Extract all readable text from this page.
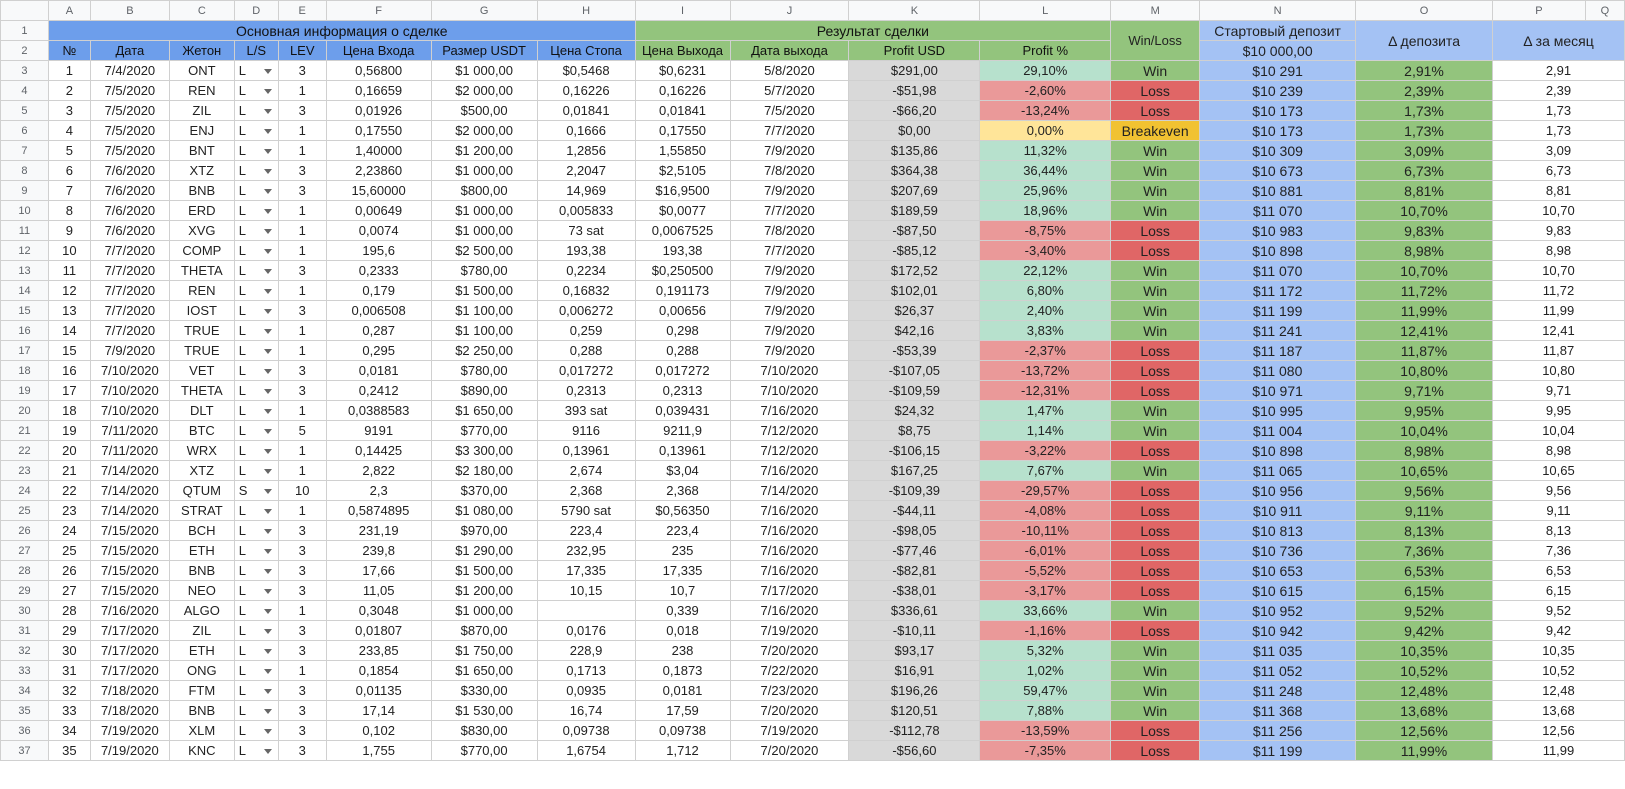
	A	B	C	D	E	F	G	H	I	J	K	L	M	N	O	P	Q
1	Основная информация о сделке								Результат сделки				Win/Loss	Стартовый депозит	Δ депозита	Δ за месяц	
2	№	Дата	Жетон	L/S	LEV	Цена Входа	Размер USDT	Цена Стопа	Цена Выхода	Дата выхода	Profit USD	Profit %		$10 000,00			
3	1	7/4/2020	ONT	L	3	0,56800	$1 000,00	$0,5468	$0,6231	5/8/2020	$291,00	29,10%	Win	$10 291	2,91%	2,91	
4	2	7/5/2020	REN	L	1	0,16659	$2 000,00	0,16226	0,16226	5/7/2020	-$51,98	-2,60%	Loss	$10 239	2,39%	2,39	
5	3	7/5/2020	ZIL	L	3	0,01926	$500,00	0,01841	0,01841	7/5/2020	-$66,20	-13,24%	Loss	$10 173	1,73%	1,73	
6	4	7/5/2020	ENJ	L	1	0,17550	$2 000,00	0,1666	0,17550	7/7/2020	$0,00	0,00%	Breakeven	$10 173	1,73%	1,73	
7	5	7/5/2020	BNT	L	1	1,40000	$1 200,00	1,2856	1,55850	7/9/2020	$135,86	11,32%	Win	$10 309	3,09%	3,09	
8	6	7/6/2020	XTZ	L	3	2,23860	$1 000,00	2,2047	$2,5105	7/8/2020	$364,38	36,44%	Win	$10 673	6,73%	6,73	
9	7	7/6/2020	BNB	L	3	15,60000	$800,00	14,969	$16,9500	7/9/2020	$207,69	25,96%	Win	$10 881	8,81%	8,81	
10	8	7/6/2020	ERD	L	1	0,00649	$1 000,00	0,005833	$0,0077	7/7/2020	$189,59	18,96%	Win	$11 070	10,70%	10,70	
11	9	7/6/2020	XVG	L	1	0,0074	$1 000,00	73 sat	0,0067525	7/8/2020	-$87,50	-8,75%	Loss	$10 983	9,83%	9,83	
12	10	7/7/2020	COMP	L	1	195,6	$2 500,00	193,38	193,38	7/7/2020	-$85,12	-3,40%	Loss	$10 898	8,98%	8,98	
13	11	7/7/2020	THETA	L	3	0,2333	$780,00	0,2234	$0,250500	7/9/2020	$172,52	22,12%	Win	$11 070	10,70%	10,70	
14	12	7/7/2020	REN	L	1	0,179	$1 500,00	0,16832	0,191173	7/9/2020	$102,01	6,80%	Win	$11 172	11,72%	11,72	
15	13	7/7/2020	IOST	L	3	0,006508	$1 100,00	0,006272	0,00656	7/9/2020	$26,37	2,40%	Win	$11 199	11,99%	11,99	
16	14	7/7/2020	TRUE	L	1	0,287	$1 100,00	0,259	0,298	7/9/2020	$42,16	3,83%	Win	$11 241	12,41%	12,41	
17	15	7/9/2020	TRUE	L	1	0,295	$2 250,00	0,288	0,288	7/9/2020	-$53,39	-2,37%	Loss	$11 187	11,87%	11,87	
18	16	7/10/2020	VET	L	3	0,0181	$780,00	0,017272	0,017272	7/10/2020	-$107,05	-13,72%	Loss	$11 080	10,80%	10,80	
19	17	7/10/2020	THETA	L	3	0,2412	$890,00	0,2313	0,2313	7/10/2020	-$109,59	-12,31%	Loss	$10 971	9,71%	9,71	
20	18	7/10/2020	DLT	L	1	0,0388583	$1 650,00	393 sat	0,039431	7/16/2020	$24,32	1,47%	Win	$10 995	9,95%	9,95	
21	19	7/11/2020	BTC	L	5	9191	$770,00	9116	9211,9	7/12/2020	$8,75	1,14%	Win	$11 004	10,04%	10,04	
22	20	7/11/2020	WRX	L	1	0,14425	$3 300,00	0,13961	0,13961	7/12/2020	-$106,15	-3,22%	Loss	$10 898	8,98%	8,98	
23	21	7/14/2020	XTZ	L	1	2,822	$2 180,00	2,674	$3,04	7/16/2020	$167,25	7,67%	Win	$11 065	10,65%	10,65	
24	22	7/14/2020	QTUM	S	10	2,3	$370,00	2,368	2,368	7/14/2020	-$109,39	-29,57%	Loss	$10 956	9,56%	9,56	
25	23	7/14/2020	STRAT	L	1	0,5874895	$1 080,00	5790 sat	$0,56350	7/16/2020	-$44,11	-4,08%	Loss	$10 911	9,11%	9,11	
26	24	7/15/2020	BCH	L	3	231,19	$970,00	223,4	223,4	7/16/2020	-$98,05	-10,11%	Loss	$10 813	8,13%	8,13	
27	25	7/15/2020	ETH	L	3	239,8	$1 290,00	232,95	235	7/16/2020	-$77,46	-6,01%	Loss	$10 736	7,36%	7,36	
28	26	7/15/2020	BNB	L	3	17,66	$1 500,00	17,335	17,335	7/16/2020	-$82,81	-5,52%	Loss	$10 653	6,53%	6,53	
29	27	7/15/2020	NEO	L	3	11,05	$1 200,00	10,15	10,7	7/17/2020	-$38,01	-3,17%	Loss	$10 615	6,15%	6,15	
30	28	7/16/2020	ALGO	L	1	0,3048	$1 000,00		0,339	7/16/2020	$336,61	33,66%	Win	$10 952	9,52%	9,52	
31	29	7/17/2020	ZIL	L	3	0,01807	$870,00	0,0176	0,018	7/19/2020	-$10,11	-1,16%	Loss	$10 942	9,42%	9,42	
32	30	7/17/2020	ETH	L	3	233,85	$1 750,00	228,9	238	7/20/2020	$93,17	5,32%	Win	$11 035	10,35%	10,35	
33	31	7/17/2020	ONG	L	1	0,1854	$1 650,00	0,1713	0,1873	7/22/2020	$16,91	1,02%	Win	$11 052	10,52%	10,52	
34	32	7/18/2020	FTM	L	3	0,01135	$330,00	0,0935	0,0181	7/23/2020	$196,26	59,47%	Win	$11 248	12,48%	12,48	
35	33	7/18/2020	BNB	L	3	17,14	$1 530,00	16,74	17,59	7/20/2020	$120,51	7,88%	Win	$11 368	13,68%	13,68	
36	34	7/19/2020	XLM	L	3	0,102	$830,00	0,09738	0,09738	7/19/2020	-$112,78	-13,59%	Loss	$11 256	12,56%	12,56	
37	35	7/19/2020	KNC	L	3	1,755	$770,00	1,6754	1,712	7/20/2020	-$56,60	-7,35%	Loss	$11 199	11,99%	11,99	
